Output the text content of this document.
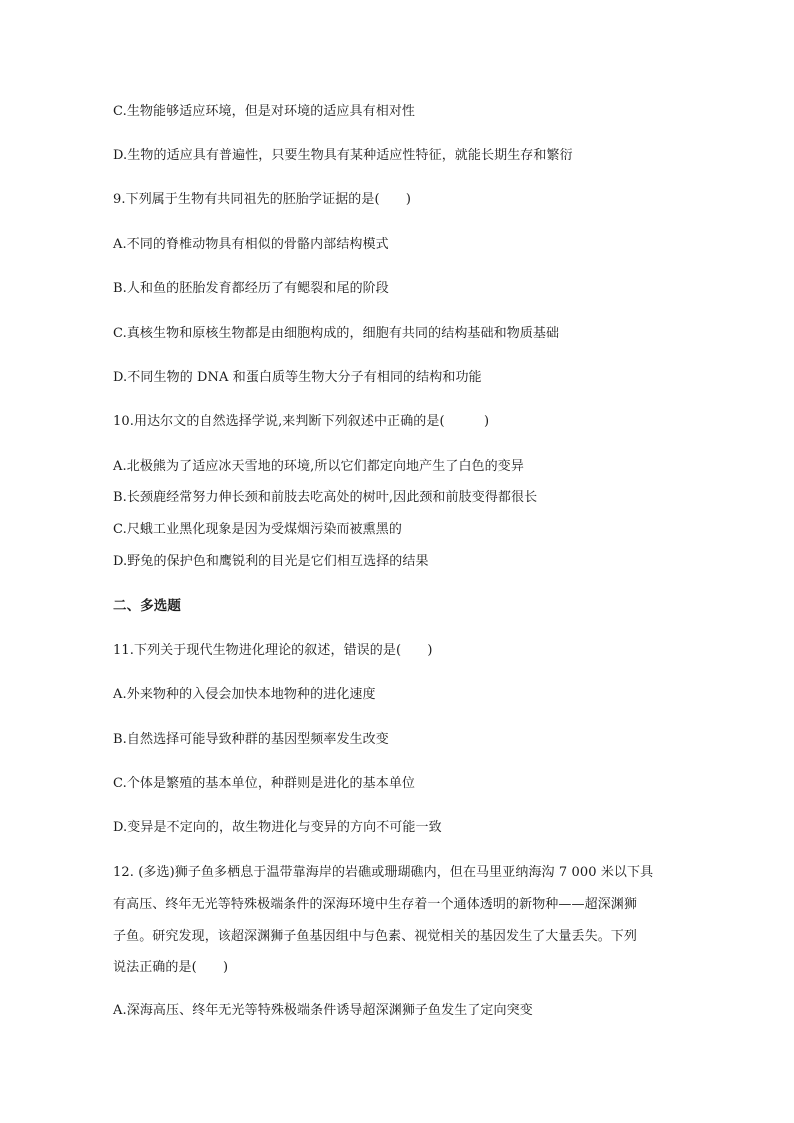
C.生物能够适应环境，但是对环境的适应具有相对性
D.生物的适应具有普遍性，只要生物具有某种适应性特征，就能长期生存和繁衍
9.下列属于生物有共同祖先的胚胎学证据的是(　　)
A.不同的脊椎动物具有相似的骨骼内部结构模式
B.人和鱼的胚胎发育都经历了有鳃裂和尾的阶段
C.真核生物和原核生物都是由细胞构成的，细胞有共同的结构基础和物质基础
D.不同生物的 DNA 和蛋白质等生物大分子有相同的结构和功能
10.用达尔文的自然选择学说,来判断下列叙述中正确的是(　　　)
A.北极熊为了适应冰天雪地的环境,所以它们都定向地产生了白色的变异
B.长颈鹿经常努力伸长颈和前肢去吃高处的树叶,因此颈和前肢变得都很长
C.尺蛾工业黑化现象是因为受煤烟污染而被熏黑的
D.野兔的保护色和鹰锐利的目光是它们相互选择的结果
二、多选题
11.下列关于现代生物进化理论的叙述，错误的是(　　)
A.外来物种的入侵会加快本地物种的进化速度
B.自然选择可能导致种群的基因型频率发生改变
C.个体是繁殖的基本单位，种群则是进化的基本单位
D.变异是不定向的，故生物进化与变异的方向不可能一致
12. (多选)狮子鱼多栖息于温带靠海岸的岩礁或珊瑚礁内，但在马里亚纳海沟 7 000 米以下具
有高压、终年无光等特殊极端条件的深海环境中生存着一个通体透明的新物种——超深渊狮
子鱼。研究发现，该超深渊狮子鱼基因组中与色素、视觉相关的基因发生了大量丢失。下列
说法正确的是(　　)
A.深海高压、终年无光等特殊极端条件诱导超深渊狮子鱼发生了定向突变
